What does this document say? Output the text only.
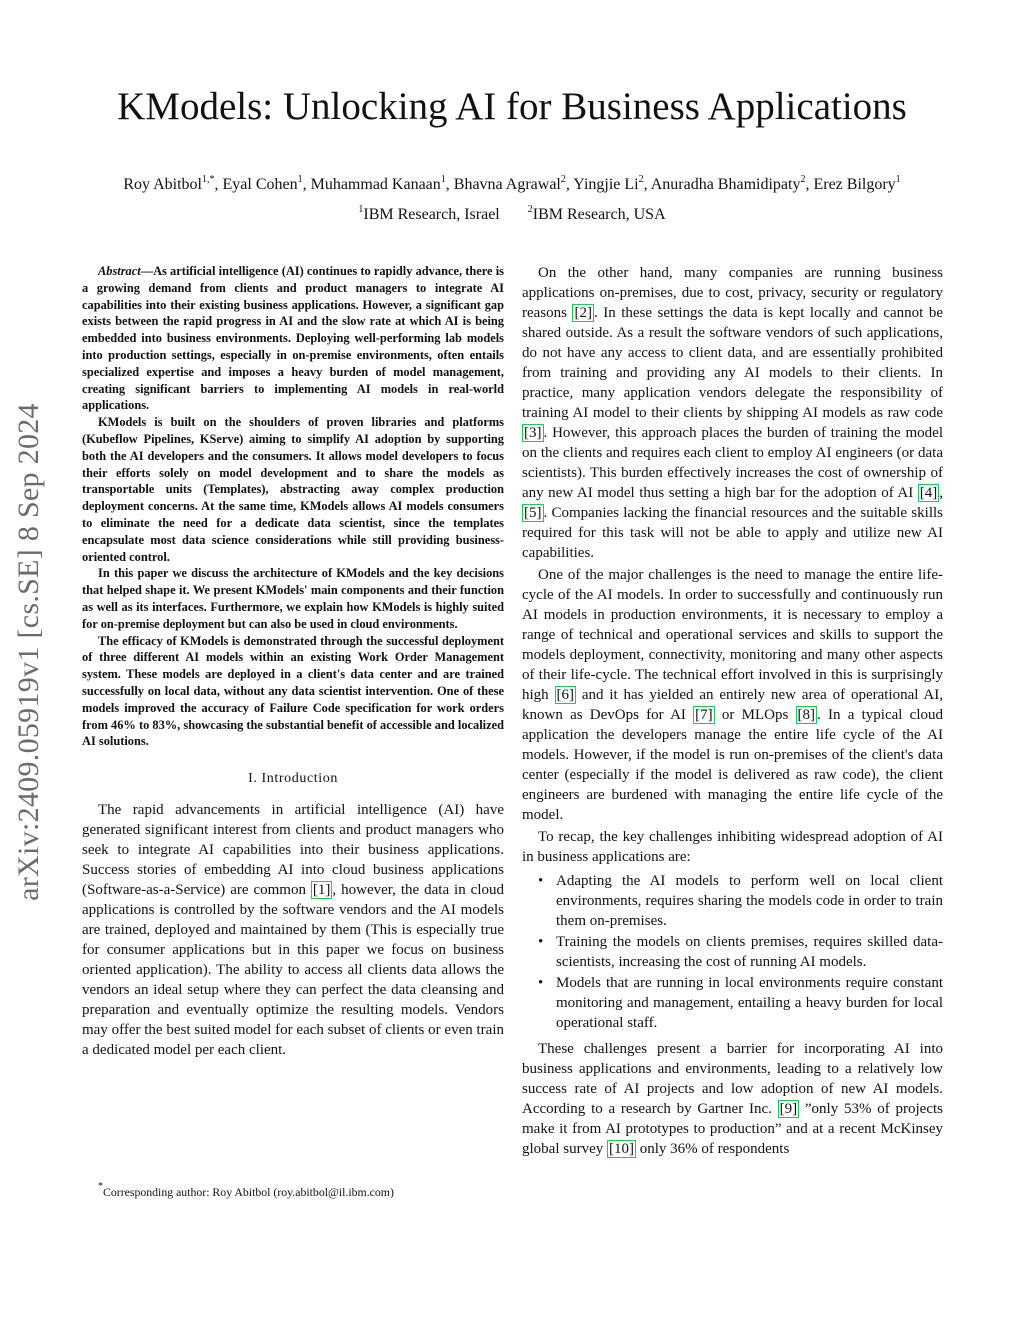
KModels: Unlocking AI for Business Applications
Roy Abitbol$^{1,*}$, Eyal Cohen$^1$, Muhammad Kanaan$^1$, Bhavna Agrawal$^2$, Yingjie Li$^2$, Anuradha Bhamidipaty$^2$, Erez Bilgory$^1$
$^1$IBM Research, Israel	$^2$IBM Research, USA
arXiv:2409.05919v1 [cs.SE] 8 Sep 2024

Abstract—As artificial intelligence (AI) continues to rapidly advance, there is a growing demand from clients and product managers to integrate AI capabilities into their existing business applications. However, a significant gap exists between the rapid progress in AI and the slow rate at which AI is being embedded into business environments. Deploying well-performing lab models into production settings, especially in on-premise environments, often entails specialized expertise and imposes a heavy burden of model management, creating significant barriers to implementing AI models in real-world applications.

KModels is built on the shoulders of proven libraries and platforms (Kubeflow Pipelines, KServe) aiming to simplify AI adoption by supporting both the AI developers and the consumers. It allows model developers to focus their efforts solely on model development and to share the models as transportable units (Templates), abstracting away complex production deployment concerns. At the same time, KModels allows AI models consumers to eliminate the need for a dedicate data scientist, since the templates encapsulate most data science considerations while still providing business-oriented control.

In this paper we discuss the architecture of KModels and the key decisions that helped shape it. We present KModels' main components and their function as well as its interfaces. Furthermore, we explain how KModels is highly suited for on-premise deployment but can also be used in cloud environments.

The efficacy of KModels is demonstrated through the successful deployment of three different AI models within an existing Work Order Management system. These models are deployed in a client's data center and are trained successfully on local data, without any data scientist intervention. One of these models improved the accuracy of Failure Code specification for work orders from 46% to 83%, showcasing the substantial benefit of accessible and localized AI solutions.

I. Introduction

The rapid advancements in artificial intelligence (AI) have generated significant interest from clients and product managers who seek to integrate AI capabilities into their business applications. Success stories of embedding AI into cloud business applications (Software-as-a-Service) are common [1] , however, the data in cloud applications is controlled by the software vendors and the AI models are trained, deployed and maintained by them (This is especially true for consumer applications but in this paper we focus on business oriented application). The ability to access all clients data allows the vendors an ideal setup where they can perfect the data cleansing and preparation and eventually optimize the resulting models. Vendors may offer the best suited model for each subset of clients or even train a dedicated model per each client.

*Corresponding author: Roy Abitbol (roy.abitbol@il.ibm.com)

On the other hand, many companies are running business applications on-premises, due to cost, privacy, security or regulatory reasons [2] . In these settings the data is kept locally and cannot be shared outside. As a result the software vendors of such applications, do not have any access to client data, and are essentially prohibited from training and providing any AI models to their clients. In practice, many application vendors delegate the responsibility of training AI model to their clients by shipping AI models as raw code [3] . However, this approach places the burden of training the model on the clients and requires each client to employ AI engineers (or data scientists). This burden effectively increases the cost of ownership of any new AI model thus setting a high bar for the adoption of AI [4] , [5] . Companies lacking the financial resources and the suitable skills required for this task will not be able to apply and utilize new AI capabilities.

One of the major challenges is the need to manage the entire life-cycle of the AI models. In order to successfully and continuously run AI models in production environments, it is necessary to employ a range of technical and operational services and skills to support the models deployment, connectivity, monitoring and many other aspects of their life-cycle. The technical effort involved in this is surprisingly high [6] and it has yielded an entirely new area of operational AI, known as DevOps for AI [7] or MLOps [8] . In a typical cloud application the developers manage the entire life cycle of the AI models. However, if the model is run on-premises of the client's data center (especially if the model is delivered as raw code), the client engineers are burdened with managing the entire life cycle of the model.

To recap, the key challenges inhibiting widespread adoption of AI in business applications are:

• Adapting the AI models to perform well on local client environments, requires sharing the models code in order to train them on-premises.
• Training the models on clients premises, requires skilled data-scientists, increasing the cost of running AI models.
• Models that are running in local environments require constant monitoring and management, entailing a heavy burden for local operational staff.

These challenges present a barrier for incorporating AI into business applications and environments, leading to a relatively low success rate of AI projects and low adoption of new AI models. According to a research by Gartner Inc. [9] ”only 53% of projects make it from AI prototypes to production” and at a recent McKinsey global survey [10] only 36% of respondents
